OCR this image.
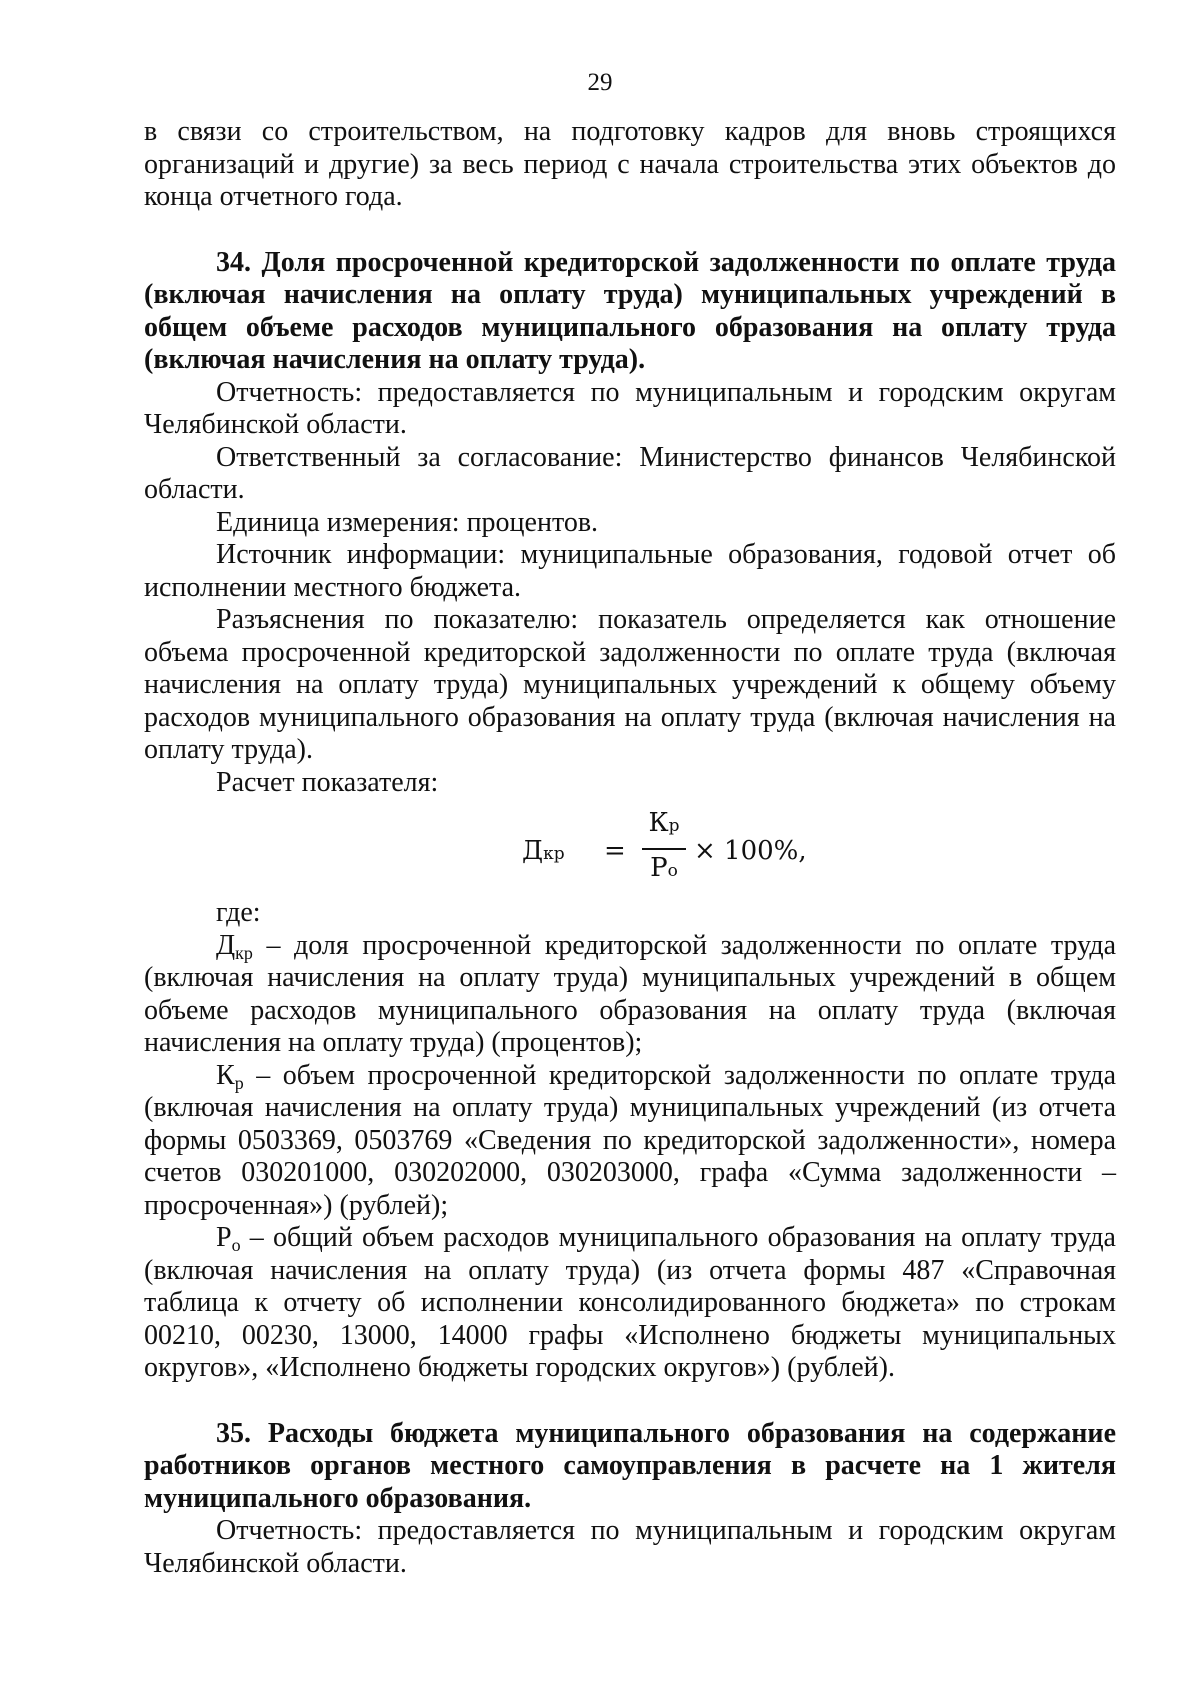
29

в связи со строительством, на подготовку кадров для вновь строящихся организаций и другие) за весь период с начала строительства этих объектов до конца отчетного года.

34. Доля просроченной кредиторской задолженности по оплате труда (включая начисления на оплату труда) муниципальных учреждений в общем объеме расходов муниципального образования на оплату труда (включая начисления на оплату труда).

Отчетность: предоставляется по муниципальным и городским округам Челябинской области.

Ответственный за согласование: Министерство финансов Челябинской области.

Единица измерения: процентов.

Источник информации: муниципальные образования, годовой отчет об исполнении местного бюджета.

Разъяснения по показателю: показатель определяется как отношение объема просроченной кредиторской задолженности по оплате труда (включая начисления на оплату труда) муниципальных учреждений к общему объему расходов муниципального образования на оплату труда (включая начисления на оплату труда).

Расчет показателя:

Дкр =
Кр
Ро
× 100%,

где:

$Д_{кр}$ – доля просроченной кредиторской задолженности по оплате труда (включая начисления на оплату труда) муниципальных учреждений в общем объеме расходов муниципального образования на оплату труда (включая начисления на оплату труда) (процентов);

$К_р$ – объем просроченной кредиторской задолженности по оплате труда (включая начисления на оплату труда) муниципальных учреждений (из отчета формы 0503369, 0503769 «Сведения по кредиторской задолженности», номера счетов 030201000, 030202000, 030203000, графа «Сумма задолженности – просроченная») (рублей);

$Р_о$ – общий объем расходов муниципального образования на оплату труда (включая начисления на оплату труда) (из отчета формы 487 «Справочная таблица к отчету об исполнении консолидированного бюджета» по строкам 00210, 00230, 13000, 14000 графы «Исполнено бюджеты муниципальных округов», «Исполнено бюджеты городских округов») (рублей).

35. Расходы бюджета муниципального образования на содержание работников органов местного самоуправления в расчете на 1 жителя муниципального образования.

Отчетность: предоставляется по муниципальным и городским округам Челябинской области.
